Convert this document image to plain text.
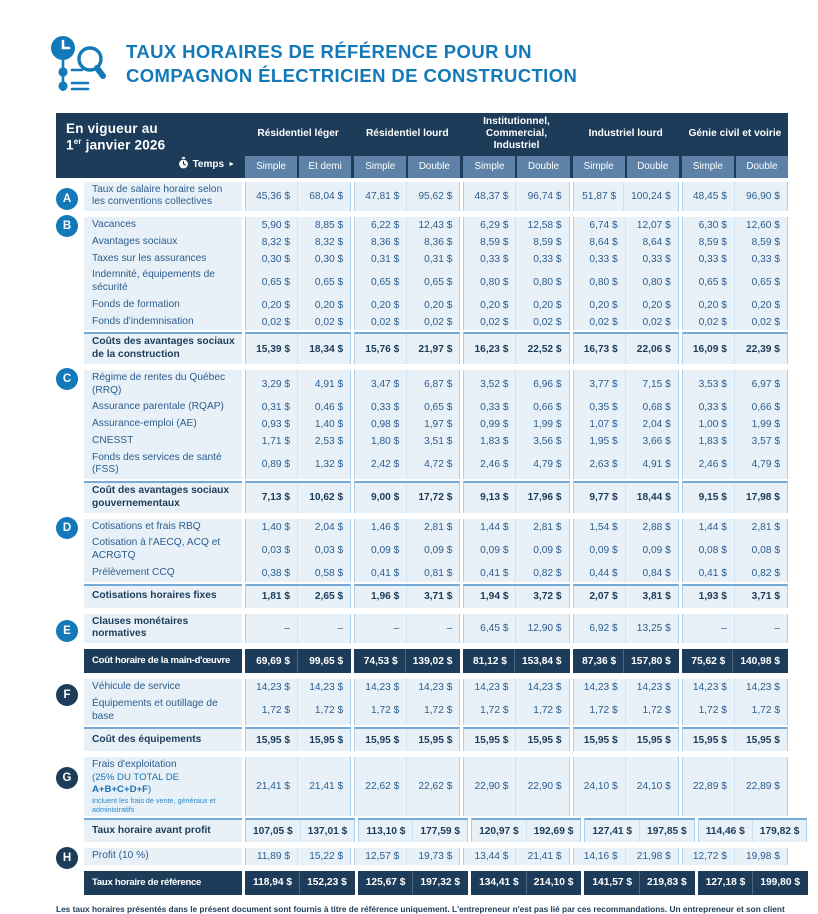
TAUX HORAIRES DE RÉFÉRENCE POUR UN
COMPAGNON ÉLECTRICIEN DE CONSTRUCTION
En vigueur au
1er janvier 2026
Temps ►
Résidentiel léger
Simple	Et demi
Résidentiel lourd
Simple	Double
Institutionnel, Commercial, Industriel
Simple	Double
Industriel lourd
Simple	Double
Génie civil et voirie
Simple	Double
A
Taux de salaire horaire selon les conventions collectives	45,36 $	68,04 $	47,81 $	95,62 $	48,37 $	96,74 $	51,87 $	100,24 $	48,45 $	96,90 $
B	Vacances	5,90 $	8,85 $	6,22 $	12,43 $	6,29 $	12,58 $	6,74 $	12,07 $	6,30 $	12,60 $
Avantages sociaux	8,32 $	8,32 $	8,36 $	8,36 $	8,59 $	8,59 $	8,64 $	8,64 $	8,59 $	8,59 $
Taxes sur les assurances	0,30 $	0,30 $	0,31 $	0,31 $	0,33 $	0,33 $	0,33 $	0,33 $	0,33 $	0,33 $
Indemnité, équipements de sécurité	0,65 $	0,65 $	0,65 $	0,65 $	0,80 $	0,80 $	0,80 $	0,80 $	0,65 $	0,65 $
Fonds de formation	0,20 $	0,20 $	0,20 $	0,20 $	0,20 $	0,20 $	0,20 $	0,20 $	0,20 $	0,20 $
Fonds d'indemnisation	0,02 $	0,02 $	0,02 $	0,02 $	0,02 $	0,02 $	0,02 $	0,02 $	0,02 $	0,02 $
Coûts des avantages sociaux de la construction	15,39 $	18,34 $	15,76 $	21,97 $	16,23 $	22,52 $	16,73 $	22,06 $	16,09 $	22,39 $
C	Régime de rentes du Québec (RRQ)	3,29 $	4,91 $	3,47 $	6,87 $	3,52 $	6,96 $	3,77 $	7,15 $	3,53 $	6,97 $
Assurance parentale (RQAP)	0,31 $	0,46 $	0,33 $	0,65 $	0,33 $	0,66 $	0,35 $	0,68 $	0,33 $	0,66 $
Assurance-emploi (AE)	0,93 $	1,40 $	0,98 $	1,97 $	0,99 $	1,99 $	1,07 $	2,04 $	1,00 $	1,99 $
CNESST	1,71 $	2,53 $	1,80 $	3,51 $	1,83 $	3,56 $	1,95 $	3,66 $	1,83 $	3,57 $
Fonds des services de santé (FSS)	0,89 $	1,32 $	2,42 $	4,72 $	2,46 $	4,79 $	2,63 $	4,91 $	2,46 $	4,79 $
Coût des avantages sociaux gouvernementaux	7,13 $	10,62 $	9,00 $	17,72 $	9,13 $	17,96 $	9,77 $	18,44 $	9,15 $	17,98 $
D	Cotisations et frais RBQ	1,40 $	2,04 $	1,46 $	2,81 $	1,44 $	2,81 $	1,54 $	2,88 $	1,44 $	2,81 $
Cotisation à l'AECQ, ACQ et ACRGTQ	0,03 $	0,03 $	0,09 $	0,09 $	0,09 $	0,09 $	0,09 $	0,09 $	0,08 $	0,08 $
Prélèvement CCQ	0,38 $	0,58 $	0,41 $	0,81 $	0,41 $	0,82 $	0,44 $	0,84 $	0,41 $	0,82 $
Cotisations horaires fixes	1,81 $	2,65 $	1,96 $	3,71 $	1,94 $	3,72 $	2,07 $	3,81 $	1,93 $	3,71 $
E
Clauses monétaires normatives	–	–	–	–	6,45 $	12,90 $	6,92 $	13,25 $	–	–
Coût horaire de la main-d'œuvre	69,69 $	99,65 $	74,53 $	139,02 $	81,12 $	153,84 $	87,36 $	157,80 $	75,62 $	140,98 $
F
Véhicule de service	14,23 $	14,23 $	14,23 $	14,23 $	14,23 $	14,23 $	14,23 $	14,23 $	14,23 $	14,23 $
Équipements et outillage de base	1,72 $	1,72 $	1,72 $	1,72 $	1,72 $	1,72 $	1,72 $	1,72 $	1,72 $	1,72 $
Coût des équipements	15,95 $	15,95 $	15,95 $	15,95 $	15,95 $	15,95 $	15,95 $	15,95 $	15,95 $	15,95 $
G
Frais d'exploitation
(25% DU TOTAL DE A+B+C+D+F)
Incluent les frais de vente, généraux et administratifs
21,41 $	21,41 $	22,62 $	22,62 $	22,90 $	22,90 $	24,10 $	24,10 $	22,89 $	22,89 $
Taux horaire avant profit	107,05 $	137,01 $	113,10 $	177,59 $	120,97 $	192,69 $	127,41 $	197,85 $	114,46 $	179,82 $
H	Profit (10 %)	11,89 $	15,22 $	12,57 $	19,73 $	13,44 $	21,41 $	14,16 $	21,98 $	12,72 $	19,98 $
Taux horaire de référence	118,94 $	152,23 $	125,67 $	197,32 $	134,41 $	214,10 $	141,57 $	219,83 $	127,18 $	199,80 $
Les taux horaires présentés dans le présent document sont fournis à titre de référence uniquement. L'entrepreneur n'est pas lié par ces recommandations. Un entrepreneur et son client
